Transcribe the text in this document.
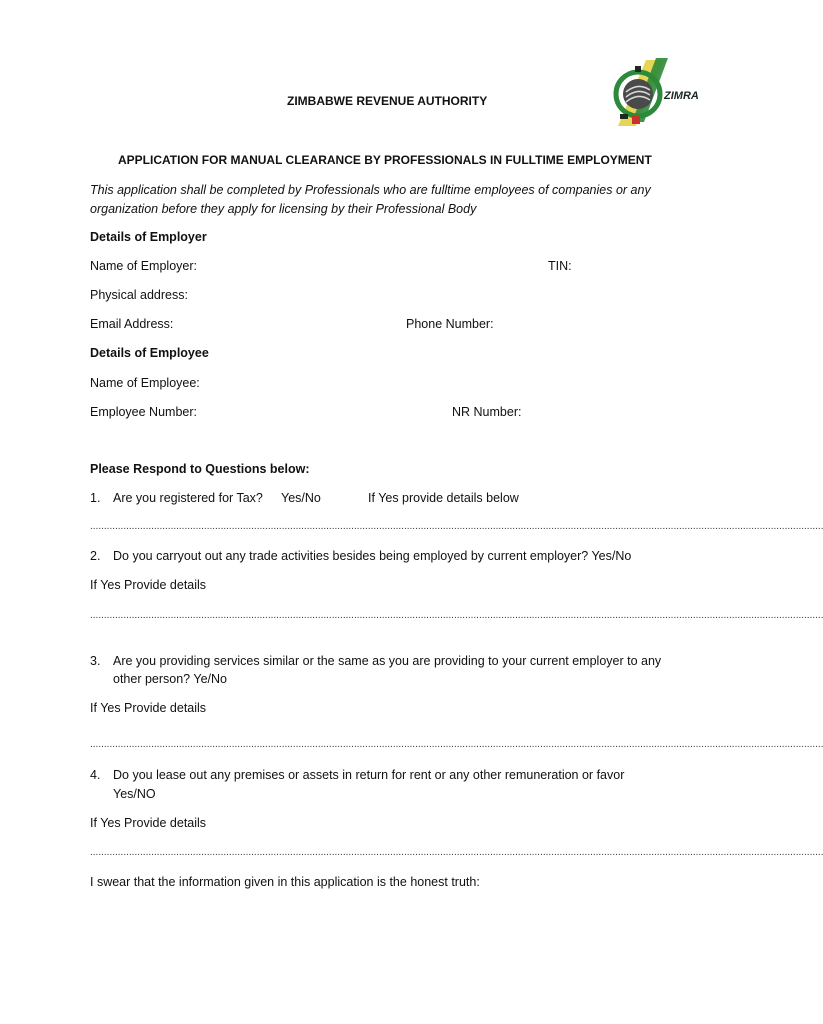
ZIMBABWE REVENUE AUTHORITY	ZIMRA
APPLICATION FOR MANUAL CLEARANCE BY PROFESSIONALS IN FULLTIME EMPLOYMENT
This application shall be completed by Professionals who are fulltime employees of companies or any organization before they apply for licensing by their Professional Body
Details of Employer
Name of Employer:	TIN:
Physical address:
Email Address:	Phone Number:
Details of Employee
Name of Employee:
Employee Number:	NR Number:
Please Respond to Questions below:
1. Are you registered for Tax? Yes/No	If Yes provide details below
........................................................................................................................................................................................................................................................................
2. Do you carryout out any trade activities besides being employed by current employer? Yes/No
If Yes Provide details
........................................................................................................................................................................................................................................................................
3. Are you providing services similar or the same as you are providing to your current employer to any
other person? Ye/No
If Yes Provide details
........................................................................................................................................................................................................................................................................
4. Do you lease out any premises or assets in return for rent or any other remuneration or favor
Yes/NO
If Yes Provide details
........................................................................................................................................................................................................................................................................
I swear that the information given in this application is the honest truth:
